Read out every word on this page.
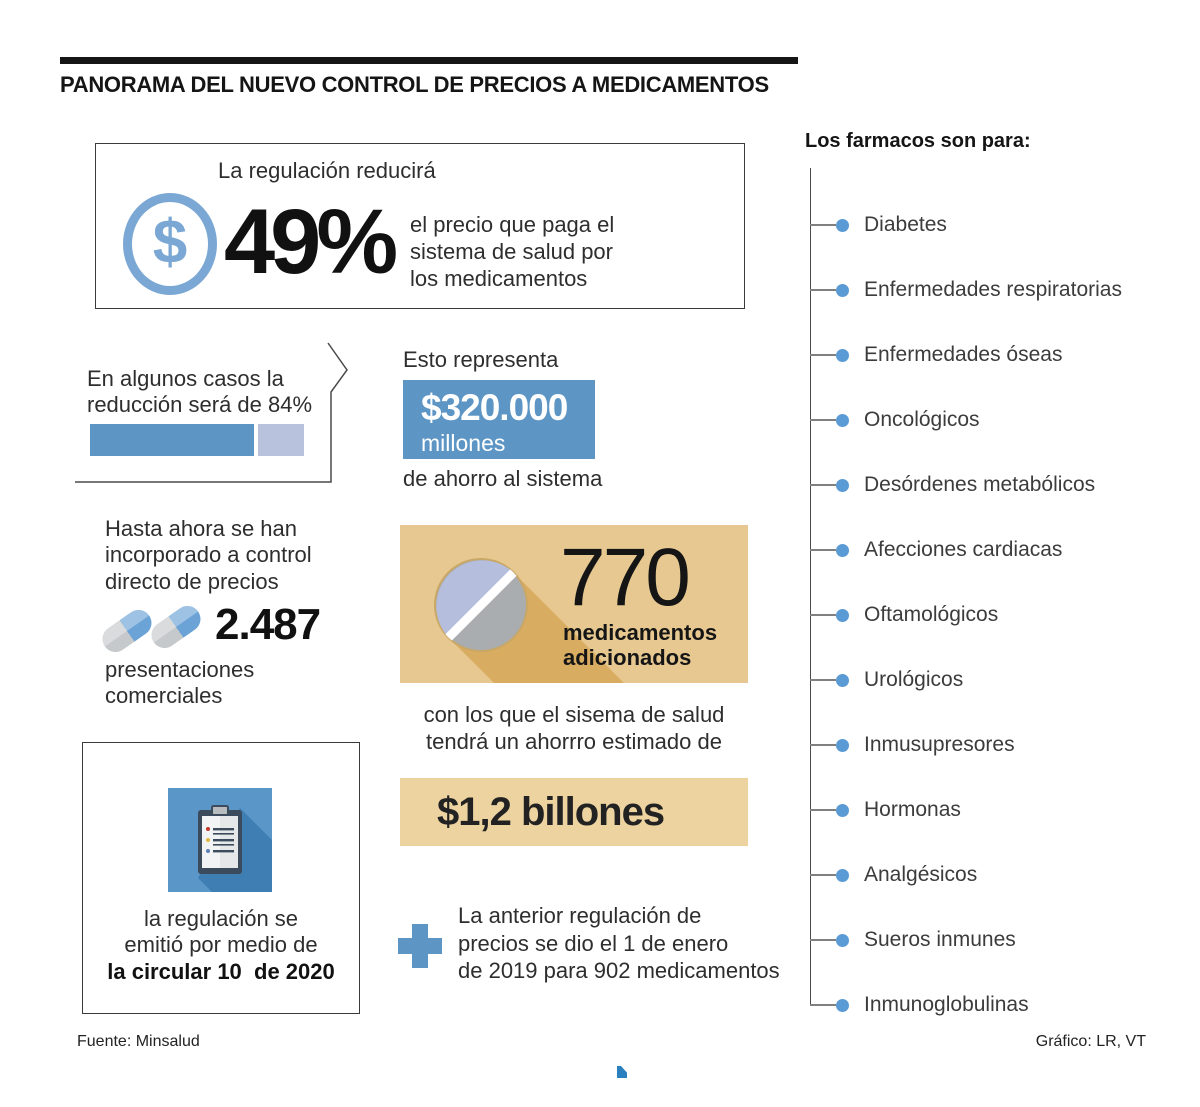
PANORAMA DEL NUEVO CONTROL DE PRECIOS A MEDICAMENTOS
La regulación reducirá
$ 49% el precio que paga el
sistema de salud por
los medicamentos
En algunos casos la
reducción será de 84%
Esto representa
$320.000
millones
de ahorro al sistema
Hasta ahora se han
incorporado a control
directo de precios
2.487
presentaciones
comerciales
770
medicamentos
adicionados
con los que el sisema de salud
tendrá un ahorrro estimado de
$1,2 billones
la regulación se
emitió por medio de
la circular 10  de 2020
La anterior regulación de
precios se dio el 1 de enero
de 2019 para 902 medicamentos
Los farmacos son para:
Diabetes
Enfermedades respiratorias
Enfermedades óseas
Oncológicos
Desórdenes metabólicos
Afecciones cardiacas
Oftamológicos
Urológicos
Inmusupresores
Hormonas
Analgésicos
Sueros inmunes
Inmunoglobulinas
Fuente: Minsalud	Gráfico: LR, VT
